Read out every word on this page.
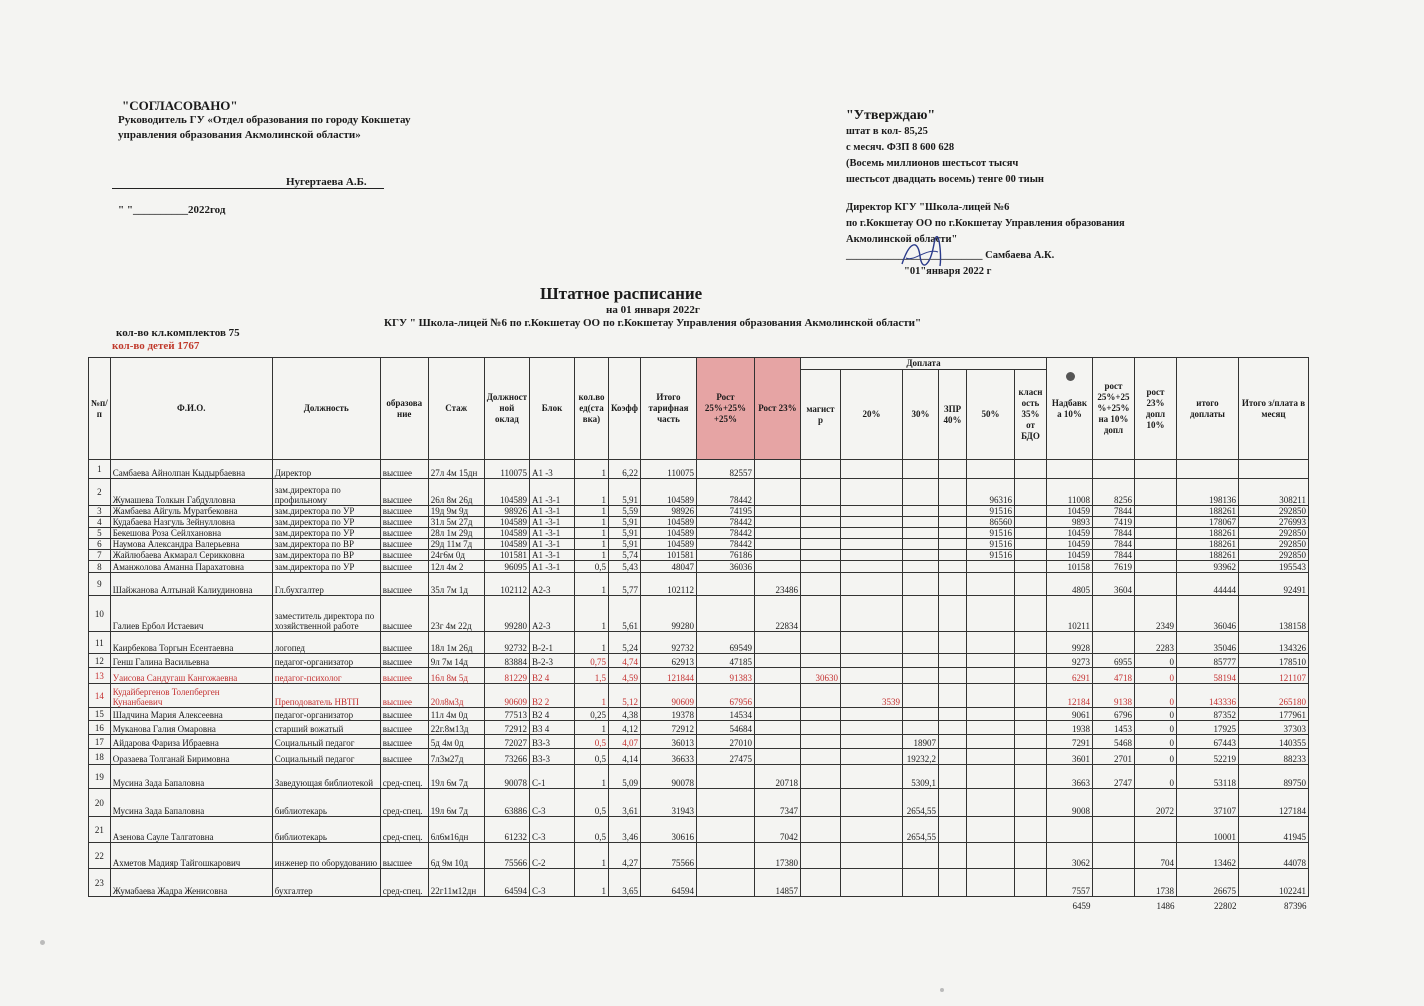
"СОГЛАСОВАНО"
Руководитель ГУ «Отдел образования по городу Кокшетау
управления образования Акмолинской области»
Нугертаева А.Б.
" "__________2022год
"Утверждаю"
штат в кол- 85,25
с месяч. ФЗП 8 600 628
(Восемь миллионов шестьсот тысяч
шестьсот двадцать восемь) тенге 00 тиын
Директор КГУ "Школа-лицей №6
по г.Кокшетау ОО по г.Кокшетау Управления образования
Акмолинской области"
__________________________ Самбаева А.К.
"01"января 2022 г
Штатное расписание
на 01 января 2022г
КГУ " Школа-лицей №6 по г.Кокшетау ОО по г.Кокшетау Управления образования Акмолинской области"
кол-во кл.комплектов 75
кол-во детей 1767
№п/п	Ф.И.О.	Должность	образова ние	Стаж	Должност ной оклад	Блок	кол.во ед(ста вка)	Коэфф	Итого тарифная часть	Рост 25%+25% +25%	Рост 23%	Доплата						Надбавк а 10%	рост 25%+25 %+25% на 10% допл	рост 23% допл 10%	итого доплаты	Итого з/плата в месяц
												магист р	20%	30%	ЗПР 40%	50%	класн ость 35% от БДО					
1	Самбаева Айнолпан Кыдырбаевна	Директор	высшее	27л 4м 15дн	110075	А1 -3	1	6,22	110075	82557												
2	Жумашева Толкын Габдулловна	зам.директора по профильному	высшее	26л 8м 26д	104589	А1 -3-1	1	5,91	104589	78442						96316		11008	8256		198136	308211
3	Жамбаева Айгуль Муратбековна	зам.директора по УР	высшее	19д 9м 9д	98926	А1 -3-1	1	5,59	98926	74195						91516		10459	7844		188261	292850
4	Кудабаева Назгуль Зейнулловна	зам.директора по УР	высшее	31л 5м 27д	104589	А1 -3-1	1	5,91	104589	78442						86560		9893	7419		178067	276993
5	Бекешова Роза Сейлхановна	зам.директора по УР	высшее	28л 1м 29д	104589	А1 -3-1	1	5,91	104589	78442						91516		10459	7844		188261	292850
6	Наумова Александра Валерьевна	зам.директора по ВР	высшее	29д 11м 7д	104589	А1 -3-1	1	5,91	104589	78442						91516		10459	7844		188261	292850
7	Жайлюбаева Акмарал Серикковна	зам.директора по ВР	высшее	24г6м 0д	101581	А1 -3-1	1	5,74	101581	76186						91516		10459	7844		188261	292850
8	Аманжолова Аманна Парахатовна	зам.директора по УР	высшее	12л 4м 2	96095	А1 -3-1	0,5	5,43	48047	36036								10158	7619		93962	195543
9	Шайжанова Алтынай Калиудиновна	Гл.бухгалтер	высшее	35л 7м 1д	102112	А2-3	1	5,77	102112		23486							4805	3604		44444	92491
10	Галиев Ербол Истаевич	заместитель директора по хозяйственной работе	высшее	23г 4м 22д	99280	А2-3	1	5,61	99280		22834							10211		2349	36046	138158
11	Каирбекова Торгын Есентаевна	логопед	высшее	18л 1м 26д	92732	В-2-1	1	5,24	92732	69549								9928		2283	35046	134326
12	Генш Галина Васильевна	педагог-организатор	высшее	9л 7м 14д	83884	В-2-3	0,75	4,74	62913	47185								9273	6955	0	85777	178510
13	Уаисова Сандугаш Кангожаевна	педагог-психолог	высшее	16л 8м 5д	81229	В2 4	1,5	4,59	121844	91383		30630						6291	4718	0	58194	121107
14	Кудайбергенов Толепберген Кунанбаевич	Преподователь НВТП	высшее	20л8м3д	90609	В2 2	1	5,12	90609	67956			3539					12184	9138	0	143336	265180
15	Шадчина Мария Алексеевна	педагог-организатор	высшее	11л 4м 0д	77513	В2 4	0,25	4,38	19378	14534								9061	6796	0	87352	177961
16	Муканова Галия Омаровна	старший вожатый	высшее	22г.8м13д	72912	В3 4	1	4,12	72912	54684								1938	1453	0	17925	37303
17	Айдарова Фариза Ибраевна	Социальный педагог	высшее	5д 4м 0д	72027	В3-3	0,5	4,07	36013	27010				18907				7291	5468	0	67443	140355
18	Оразаева Толганай Биримовна	Социальный педагог	высшее	7л3м27д	73266	В3-3	0,5	4,14	36633	27475				19232,2				3601	2701	0	52219	88233
19	Мусина Зада Бапаловна	Заведующая библиотекой	сред-спец.	19л 6м 7д	90078	С-1	1	5,09	90078		20718			5309,1				3663	2747	0	53118	89750
20	Мусина Зада Бапаловна	библиотекарь	сред-спец.	19л 6м 7д	63886	С-3	0,5	3,61	31943		7347			2654,55				9008		2072	37107	127184
21	Азенова Сауле Талгатовна	библиотекарь	сред-спец.	6л6м16дн	61232	С-3	0,5	3,46	30616		7042			2654,55							10001	41945
22	Ахметов Мадияр Тайгошкарович	инженер по оборудованию	высшее	6д 9м 10д	75566	С-2	1	4,27	75566		17380							3062		704	13462	44078
23	Жумабаева Жадра Женисовна	бухгалтер	сред-спец.	22г11м12дн	64594	С-3	1	3,65	64594		14857							7557		1738	26675	102241
																		6459		1486	22802	87396
